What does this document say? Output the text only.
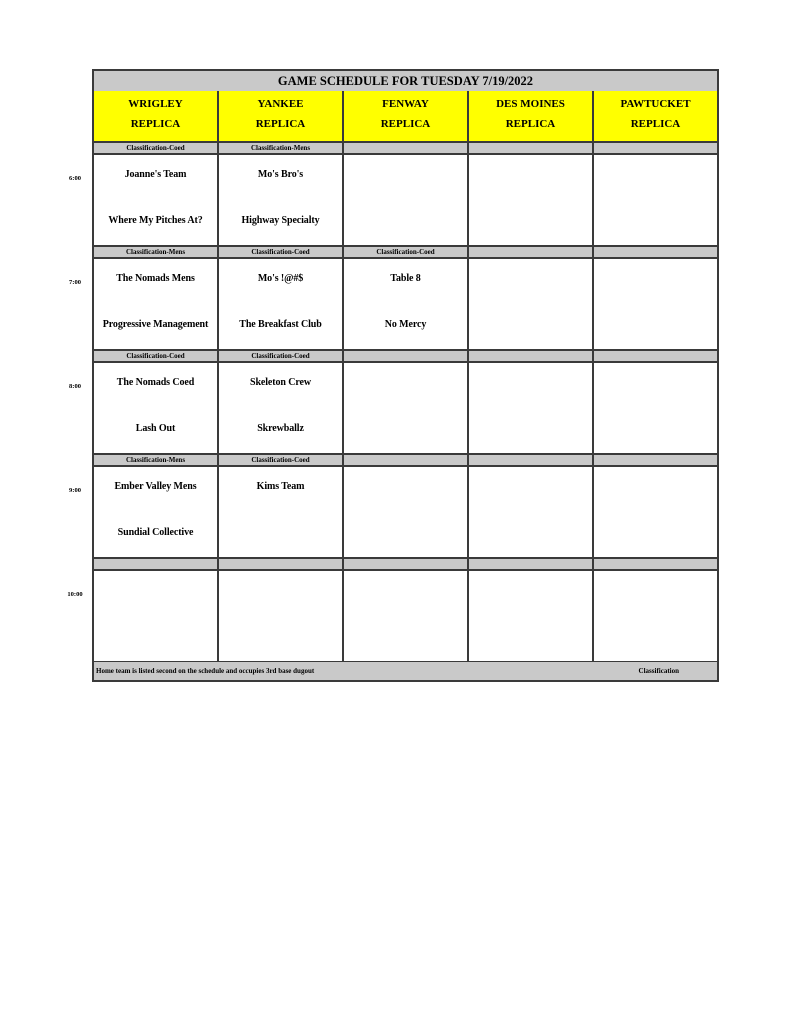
GAME SCHEDULE FOR TUESDAY 7/19/2022
WRIGLEY
REPLICA
YANKEE
REPLICA
FENWAY
REPLICA
DES MOINES
REPLICA
PAWTUCKET
REPLICA
Classification-Coed
Joanne's Team
Where My Pitches At?
Classification-Mens
Mo's Bro's
Highway Specialty
Classification-Mens
The Nomads Mens
Progressive Management
Classification-Coed
Mo's !@#$
The Breakfast Club
Classification-Coed
Table 8
No Mercy
Classification-Coed
The Nomads Coed
Lash Out
Classification-Coed
Skeleton Crew
Skrewballz
Classification-Mens
Ember Valley Mens
Sundial Collective
Classification-Coed
Kims Team
Home team is listed second on the schedule and occupies 3rd base dugout	Classification
6:00
7:00
8:00
9:00
10:00
